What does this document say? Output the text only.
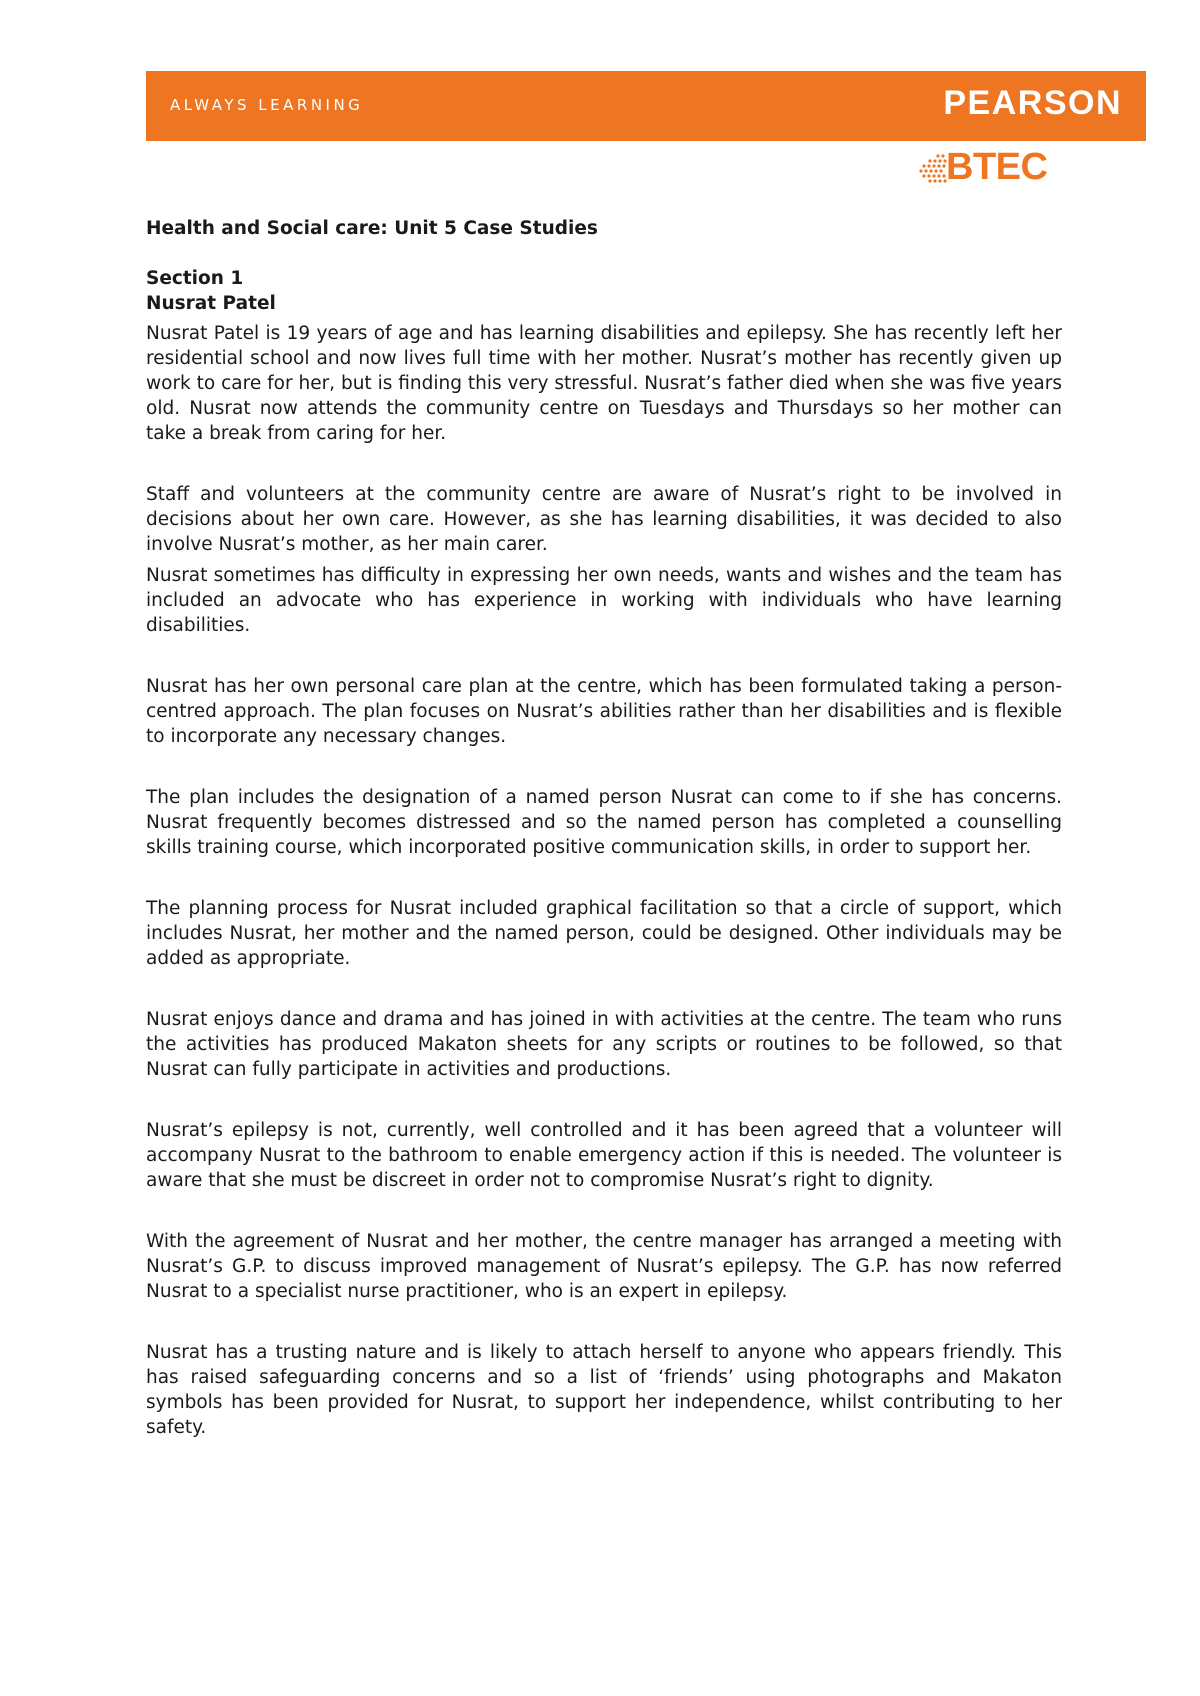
ALWAYS LEARNING	PEARSON
BTEC

Health and Social care: Unit 5 Case Studies

Section 1

Nusrat Patel

Nusrat Patel is 19 years of age and has learning disabilities and epilepsy. She has recently left her residential school and now lives full time with her mother. Nusrat’s mother has recently given up work to care for her, but is finding this very stressful. Nusrat’s father died when she was five years old. Nusrat now attends the community centre on Tuesdays and Thursdays so her mother can take a break from caring for her.

Staff and volunteers at the community centre are aware of Nusrat’s right to be involved in decisions about her own care. However, as she has learning disabilities, it was decided to also involve Nusrat’s mother, as her main carer.

Nusrat sometimes has difficulty in expressing her own needs, wants and wishes and the team has included an advocate who has experience in working with individuals who have learning disabilities.

Nusrat has her own personal care plan at the centre, which has been formulated taking a person-centred approach. The plan focuses on Nusrat’s abilities rather than her disabilities and is flexible to incorporate any necessary changes.

The plan includes the designation of a named person Nusrat can come to if she has concerns. Nusrat frequently becomes distressed and so the named person has completed a counselling skills training course, which incorporated positive communication skills, in order to support her.

The planning process for Nusrat included graphical facilitation so that a circle of support, which includes Nusrat, her mother and the named person, could be designed. Other individuals may be added as appropriate.

Nusrat enjoys dance and drama and has joined in with activities at the centre. The team who runs the activities has produced Makaton sheets for any scripts or routines to be followed, so that Nusrat can fully participate in activities and productions.

Nusrat’s epilepsy is not, currently, well controlled and it has been agreed that a volunteer will accompany Nusrat to the bathroom to enable emergency action if this is needed. The volunteer is aware that she must be discreet in order not to compromise Nusrat’s right to dignity.

With the agreement of Nusrat and her mother, the centre manager has arranged a meeting with Nusrat’s G.P. to discuss improved management of Nusrat’s epilepsy. The G.P. has now referred Nusrat to a specialist nurse practitioner, who is an expert in epilepsy.

Nusrat has a trusting nature and is likely to attach herself to anyone who appears friendly. This has raised safeguarding concerns and so a list of ‘friends’ using photographs and Makaton symbols has been provided for Nusrat, to support her independence, whilst contributing to her safety.
